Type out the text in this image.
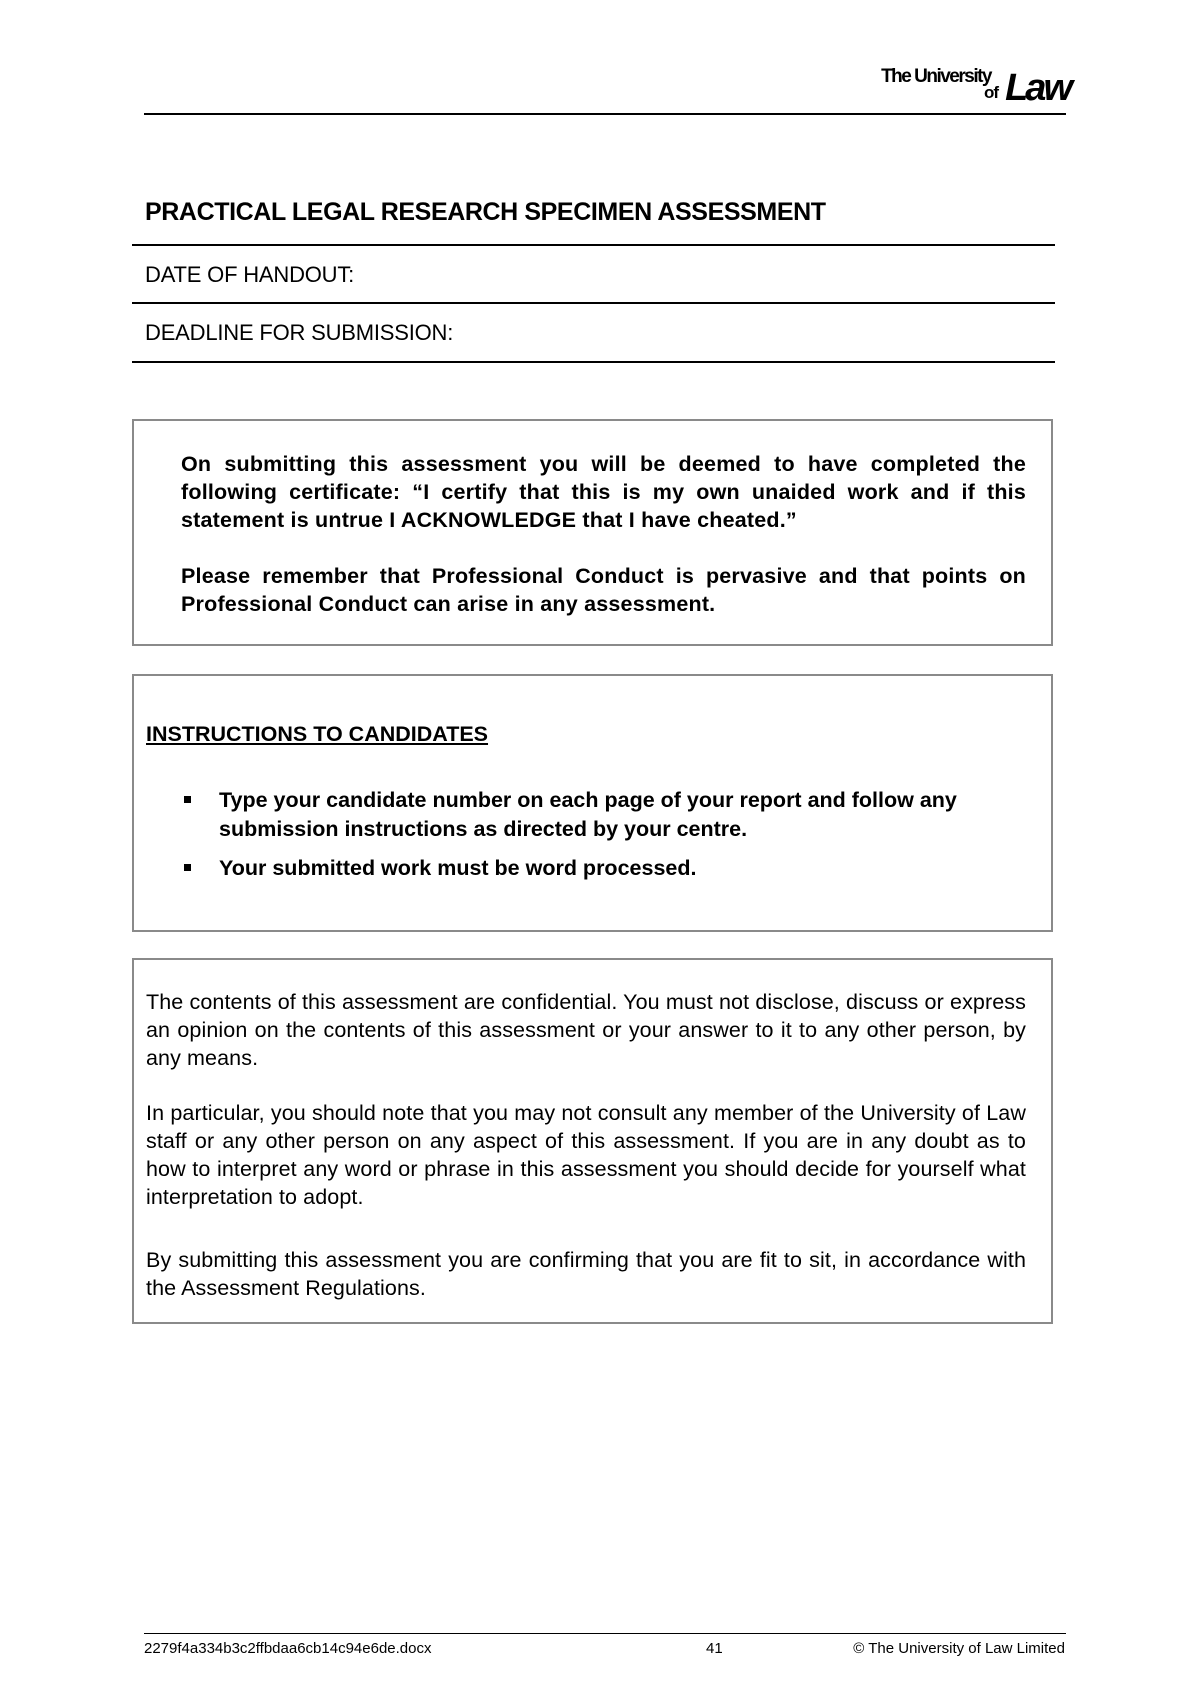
The University
of Law
PRACTICAL LEGAL RESEARCH SPECIMEN ASSESSMENT
DATE OF HANDOUT:
DEADLINE FOR SUBMISSION:

On submitting this assessment you will be deemed to have completed the following certificate: “I certify that this is my own unaided work and if this statement is untrue I ACKNOWLEDGE that I have cheated.”

Please remember that Professional Conduct is pervasive and that points on Professional Conduct can arise in any assessment.

INSTRUCTIONS TO CANDIDATES
Type your candidate number on each page of your report and follow any submission instructions as directed by your centre.
Your submitted work must be word processed.

The contents of this assessment are confidential. You must not disclose, discuss or express an opinion on the contents of this assessment or your answer to it to any other person, by any means.

In particular, you should note that you may not consult any member of the University of Law staff or any other person on any aspect of this assessment. If you are in any doubt as to how to interpret any word or phrase in this assessment you should decide for yourself what interpretation to adopt.

By submitting this assessment you are confirming that you are fit to sit, in accordance with the Assessment Regulations.

2279f4a334b3c2ffbdaa6cb14c94e6de.docx	41	© The University of Law Limited
